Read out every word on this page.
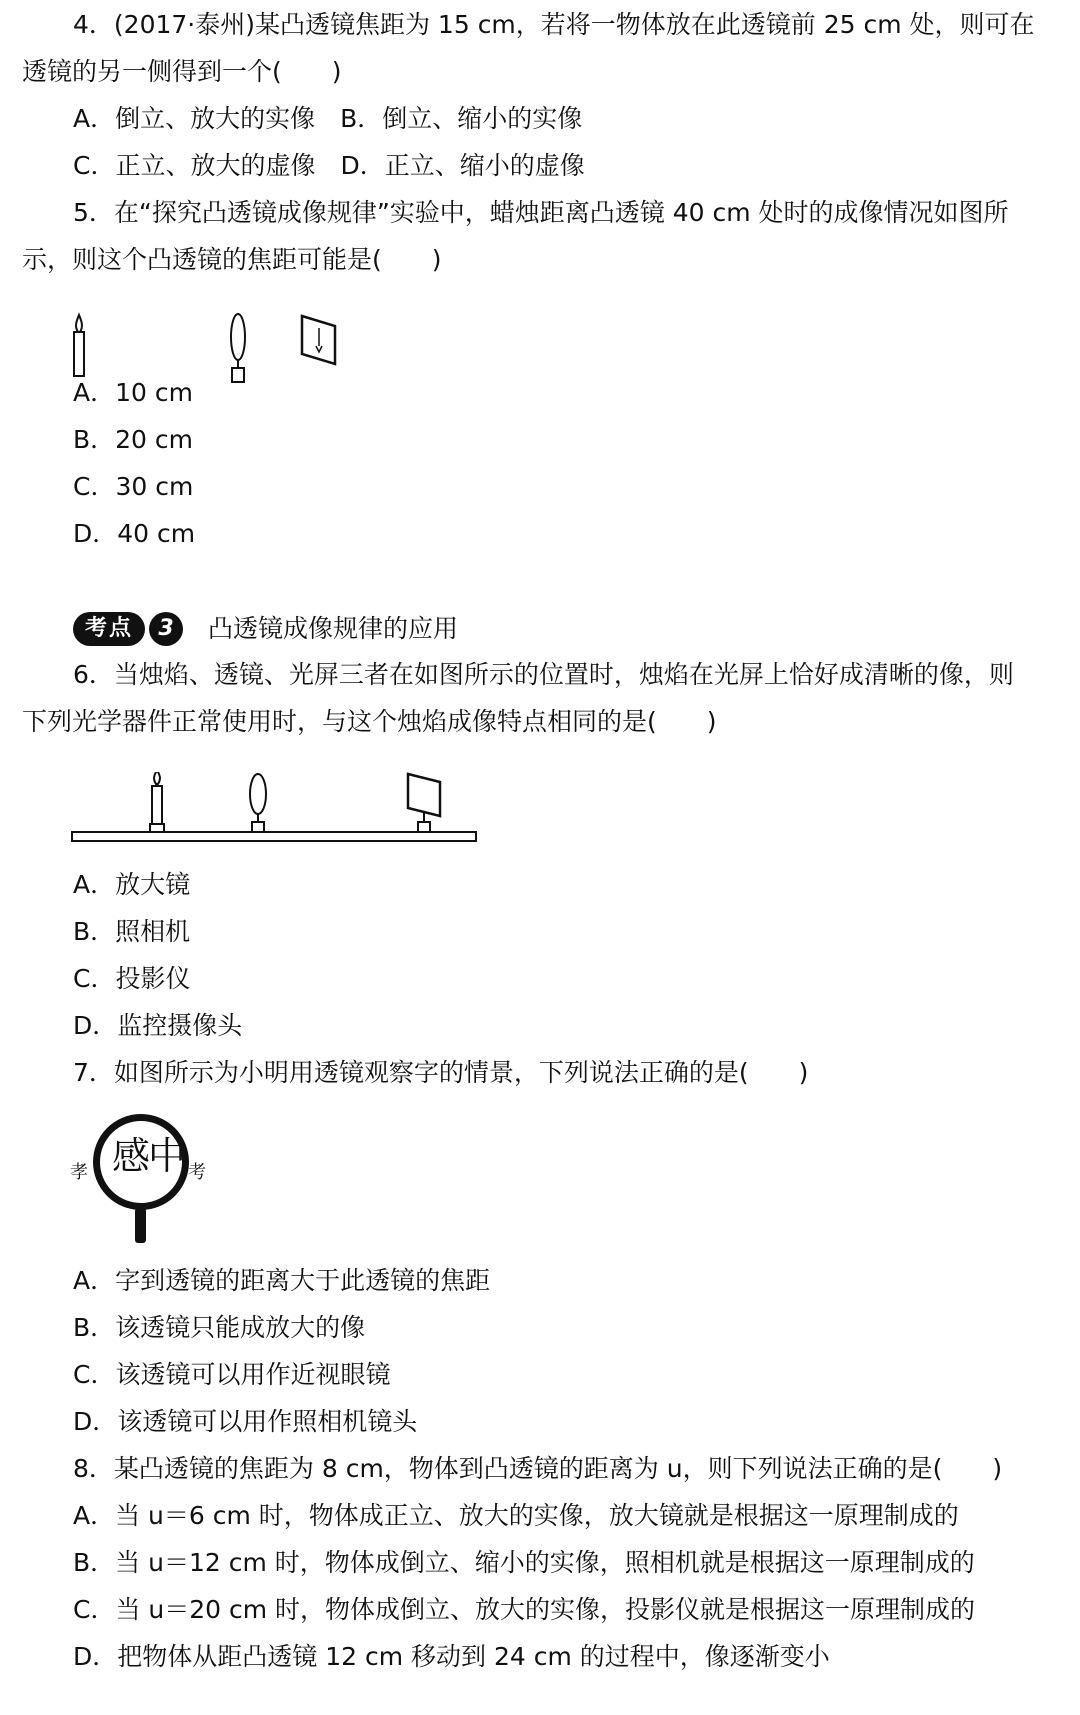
4．(2017·泰州)某凸透镜焦距为 15 cm，若将一物体放在此透镜前 25 cm 处，则可在
透镜的另一侧得到一个(　　)
A．倒立、放大的实像　B．倒立、缩小的实像
C．正立、放大的虚像　D．正立、缩小的虚像
5．在“探究凸透镜成像规律”实验中，蜡烛距离凸透镜 40 cm 处时的成像情况如图所
示，则这个凸透镜的焦距可能是(　　)
A．10 cm
B．20 cm
C．30 cm
D．40 cm
考点	3	凸透镜成像规律的应用
6．当烛焰、透镜、光屏三者在如图所示的位置时，烛焰在光屏上恰好成清晰的像，则
下列光学器件正常使用时，与这个烛焰成像特点相同的是(　　)
A．放大镜
B．照相机
C．投影仪
D．监控摄像头
7．如图所示为小明用透镜观察字的情景，下列说法正确的是(　　)
孝 感中 考
A．字到透镜的距离大于此透镜的焦距
B．该透镜只能成放大的像
C．该透镜可以用作近视眼镜
D．该透镜可以用作照相机镜头
8．某凸透镜的焦距为 8 cm，物体到凸透镜的距离为 u，则下列说法正确的是(　　)
A．当 u＝6 cm 时，物体成正立、放大的实像，放大镜就是根据这一原理制成的
B．当 u＝12 cm 时，物体成倒立、缩小的实像，照相机就是根据这一原理制成的
C．当 u＝20 cm 时，物体成倒立、放大的实像，投影仪就是根据这一原理制成的
D．把物体从距凸透镜 12 cm 移动到 24 cm 的过程中，像逐渐变小
